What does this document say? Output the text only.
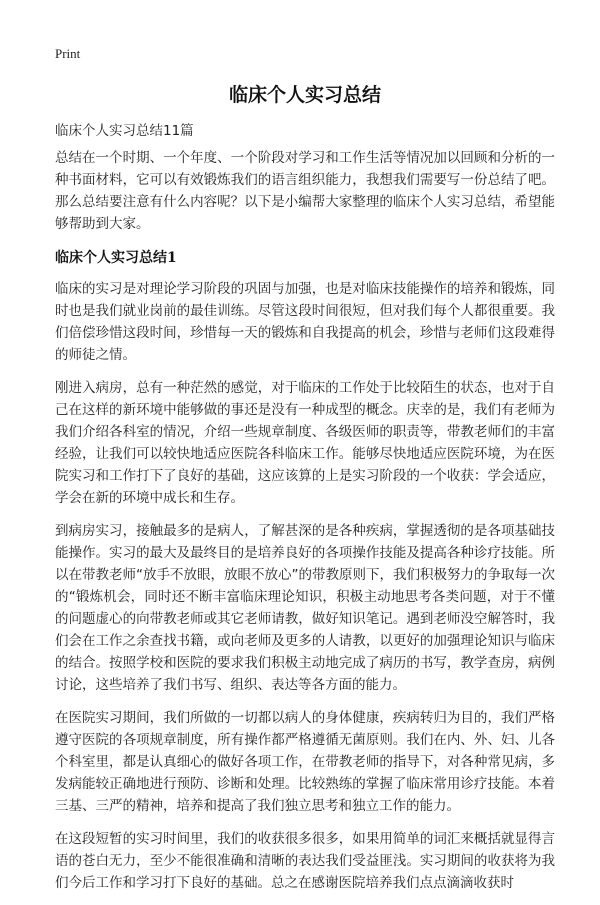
Print
临床个人实习总结
临床个人实习总结11篇

总结在一个时期、一个年度、一个阶段对学习和工作生活等情况加以回顾和分析的一种书面材料，它可以有效锻炼我们的语言组织能力，我想我们需要写一份总结了吧。那么总结要注意有什么内容呢？以下是小编帮大家整理的临床个人实习总结，希望能够帮助到大家。

临床个人实习总结1

临床的实习是对理论学习阶段的巩固与加强，也是对临床技能操作的培养和锻炼，同时也是我们就业岗前的最佳训练。尽管这段时间很短，但对我们每个人都很重要。我们倍偿珍惜这段时间，珍惜每一天的锻炼和自我提高的机会，珍惜与老师们这段难得的师徒之情。

刚进入病房，总有一种茫然的感觉，对于临床的工作处于比较陌生的状态，也对于自己在这样的新环境中能够做的事还是没有一种成型的概念。庆幸的是，我们有老师为我们介绍各科室的情况，介绍一些规章制度、各级医师的职责等，带教老师们的丰富经验，让我们可以较快地适应医院各科临床工作。能够尽快地适应医院环境，为在医院实习和工作打下了良好的基础，这应该算的上是实习阶段的一个收获：学会适应，学会在新的环境中成长和生存。

到病房实习，接触最多的是病人，了解甚深的是各种疾病，掌握透彻的是各项基础技能操作。实习的最大及最终目的是培养良好的各项操作技能及提高各种诊疗技能。所以在带教老师“放手不放眼，放眼不放心”的带教原则下，我们积极努力的争取每一次的“锻炼机会，同时还不断丰富临床理论知识，积极主动地思考各类问题，对于不懂的问题虚心的向带教老师或其它老师请教，做好知识笔记。遇到老师没空解答时，我们会在工作之余查找书籍，或向老师及更多的人请教，以更好的加强理论知识与临床的结合。按照学校和医院的要求我们积极主动地完成了病历的书写，教学查房，病例讨论，这些培养了我们书写、组织、表达等各方面的能力。

在医院实习期间，我们所做的一切都以病人的身体健康，疾病转归为目的，我们严格遵守医院的各项规章制度，所有操作都严格遵循无菌原则。我们在内、外、妇、儿各个科室里，都是认真细心的做好各项工作，在带教老师的指导下，对各种常见病，多发病能较正确地进行预防、诊断和处理。比较熟练的掌握了临床常用诊疗技能。本着三基、三严的精神，培养和提高了我们独立思考和独立工作的能力。

在这段短暂的实习时间里，我们的收获很多很多，如果用简单的词汇来概括就显得言语的苍白无力，至少不能很准确和清晰的表达我们受益匪浅。实习期间的收获将为我们今后工作和学习打下良好的基础。总之在感谢医院培养我们点点滴滴收获时
